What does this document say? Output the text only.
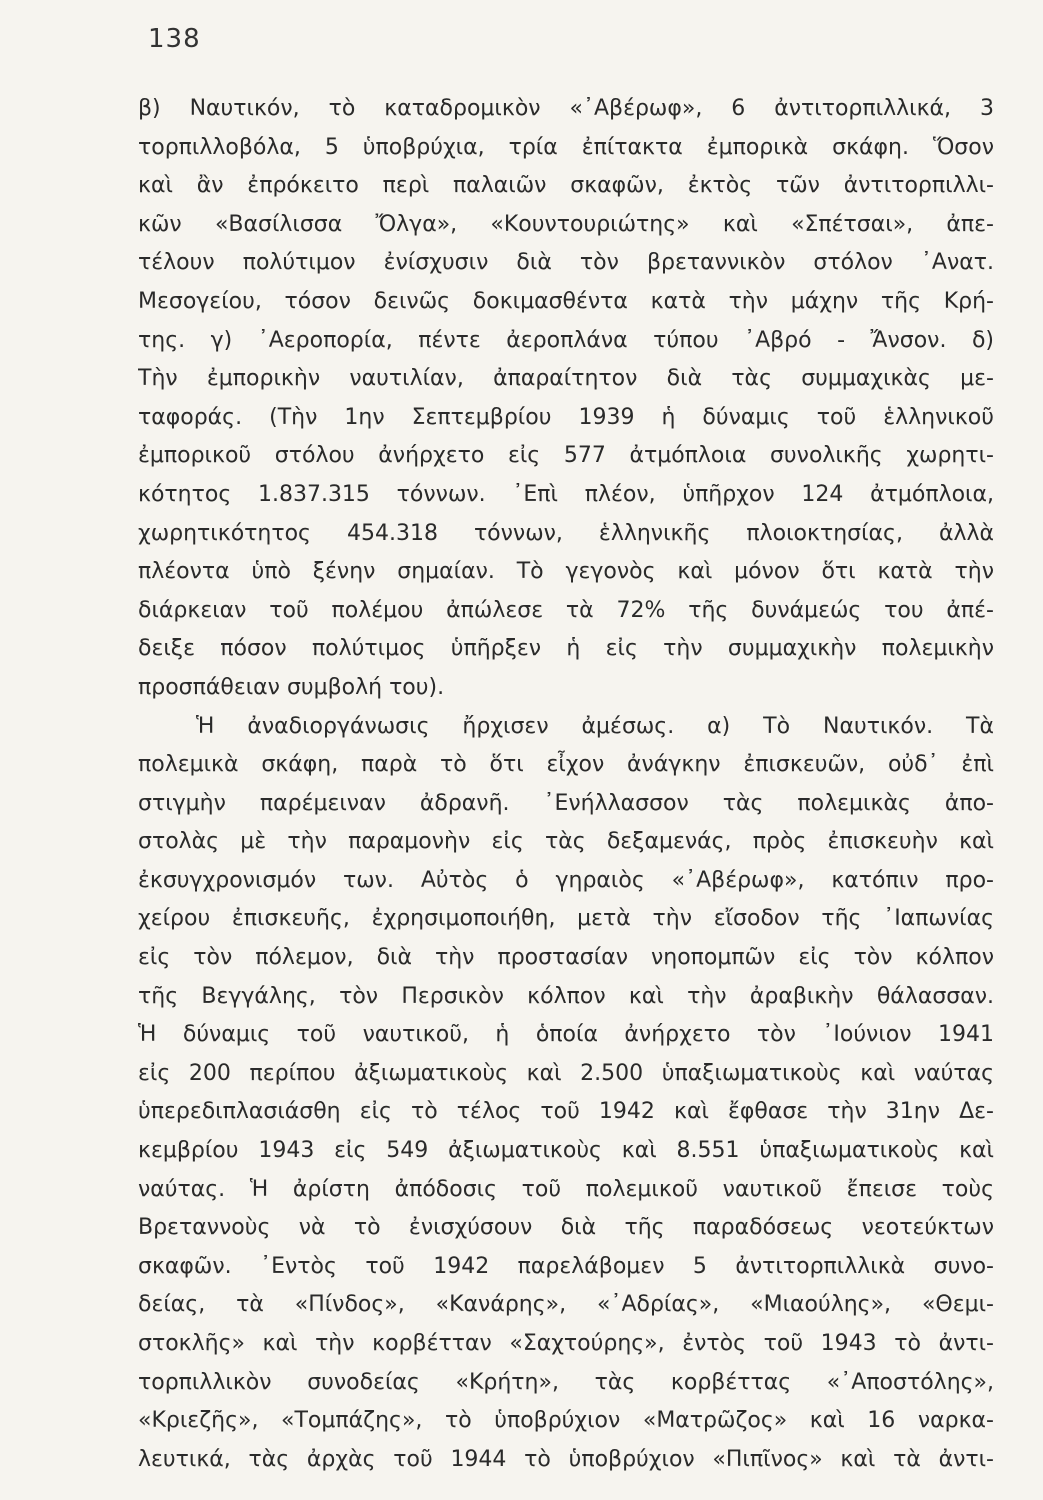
138
β) Ναυτικόν, τὸ καταδρομικὸν «᾿Αβέρωφ», 6 ἀντιτορπιλλικά, 3
τορπιλλοβόλα, 5 ὑποβρύχια, τρία ἐπίτακτα ἐμπορικὰ σκάφη. Ὅσον
καὶ ἂν ἐπρόκειτο περὶ παλαιῶν σκαφῶν, ἐκτὸς τῶν ἀντιτορπιλλι-
κῶν «Βασίλισσα Ὄλγα», «Κουντουριώτης» καὶ «Σπέτσαι», ἀπε-
τέλουν πολύτιμον ἐνίσχυσιν διὰ τὸν βρεταννικὸν στόλον ᾿Ανατ.
Μεσογείου, τόσον δεινῶς δοκιμασθέντα κατὰ τὴν μάχην τῆς Κρή-
της. γ) ᾿Αεροπορία, πέντε ἀεροπλάνα τύπου ᾿Αβρό - Ἄνσον. δ)
Τὴν ἐμπορικὴν ναυτιλίαν, ἀπαραίτητον διὰ τὰς συμμαχικὰς με-
ταφοράς. (Τὴν 1ην Σεπτεμβρίου 1939 ἡ δύναμις τοῦ ἑλληνικοῦ
ἐμπορικοῦ στόλου ἀνήρχετο εἰς 577 ἀτμόπλοια συνολικῆς χωρητι-
κότητος 1.837.315 τόννων. ᾿Επὶ πλέον, ὑπῆρχον 124 ἀτμόπλοια,
χωρητικότητος 454.318 τόννων, ἑλληνικῆς πλοιοκτησίας, ἀλλὰ
πλέοντα ὑπὸ ξένην σημαίαν. Τὸ γεγονὸς καὶ μόνον ὅτι κατὰ τὴν
διάρκειαν τοῦ πολέμου ἀπώλεσε τὰ 72% τῆς δυνάμεώς του ἀπέ-
δειξε πόσον πολύτιμος ὑπῆρξεν ἡ εἰς τὴν συμμαχικὴν πολεμικὴν
προσπάθειαν συμβολή του).
Ἡ ἀναδιοργάνωσις ἤρχισεν ἀμέσως. α) Τὸ Ναυτικόν. Τὰ
πολεμικὰ σκάφη, παρὰ τὸ ὅτι εἶχον ἀνάγκην ἐπισκευῶν, οὐδ᾿ ἐπὶ
στιγμὴν παρέμειναν ἀδρανῆ. ᾿Ενήλλασσον τὰς πολεμικὰς ἀπο-
στολὰς μὲ τὴν παραμονὴν εἰς τὰς δεξαμενάς, πρὸς ἐπισκευὴν καὶ
ἐκσυγχρονισμόν των. Αὐτὸς ὁ γηραιὸς «᾿Αβέρωφ», κατόπιν προ-
χείρου ἐπισκευῆς, ἐχρησιμοποιήθη, μετὰ τὴν εἴσοδον τῆς ᾿Ιαπωνίας
εἰς τὸν πόλεμον, διὰ τὴν προστασίαν νηοπομπῶν εἰς τὸν κόλπον
τῆς Βεγγάλης, τὸν Περσικὸν κόλπον καὶ τὴν ἀραβικὴν θάλασσαν.
Ἡ δύναμις τοῦ ναυτικοῦ, ἡ ὁποία ἀνήρχετο τὸν ᾿Ιούνιον 1941
εἰς 200 περίπου ἀξιωματικοὺς καὶ 2.500 ὑπαξιωματικοὺς καὶ ναύτας
ὑπερεδιπλασιάσθη εἰς τὸ τέλος τοῦ 1942 καὶ ἔφθασε τὴν 31ην Δε-
κεμβρίου 1943 εἰς 549 ἀξιωματικοὺς καὶ 8.551 ὑπαξιωματικοὺς καὶ
ναύτας. Ἡ ἀρίστη ἀπόδοσις τοῦ πολεμικοῦ ναυτικοῦ ἔπεισε τοὺς
Βρεταννοὺς νὰ τὸ ἐνισχύσουν διὰ τῆς παραδόσεως νεοτεύκτων
σκαφῶν. ᾿Εντὸς τοῦ 1942 παρελάβομεν 5 ἀντιτορπιλλικὰ συνο-
δείας, τὰ «Πίνδος», «Κανάρης», «᾿Αδρίας», «Μιαούλης», «Θεμι-
στοκλῆς» καὶ τὴν κορβέτταν «Σαχτούρης», ἐντὸς τοῦ 1943 τὸ ἀντι-
τορπιλλικὸν συνοδείας «Κρήτη», τὰς κορβέττας «᾿Αποστόλης»,
«Κριεζῆς», «Τομπάζης», τὸ ὑποβρύχιον «Ματρῶζος» καὶ 16 ναρκα-
λευτικά, τὰς ἀρχὰς τοῦ 1944 τὸ ὑποβρύχιον «Πιπῖνος» καὶ τὰ ἀντι-
